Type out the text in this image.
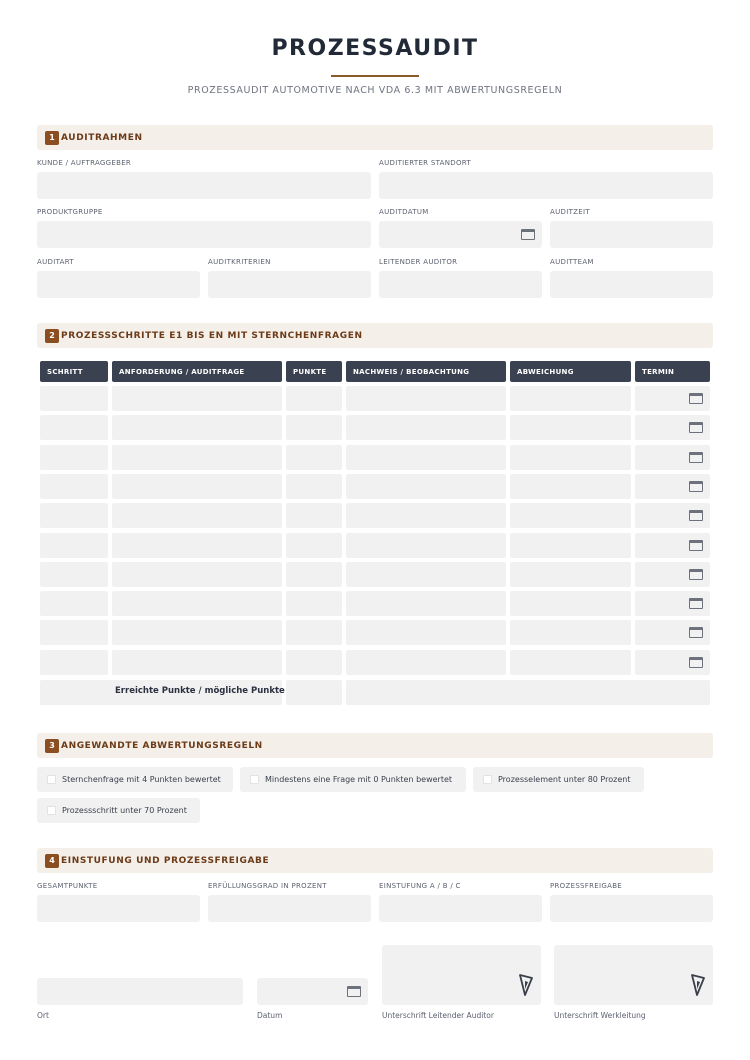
PROZESSAUDIT
PROZESSAUDIT AUTOMOTIVE NACH VDA 6.3 MIT ABWERTUNGSREGELN
1 AUDITRAHMEN
KUNDE / AUFTRAGGEBER	AUDITIERTER STANDORT
PRODUKTGRUPPE	AUDITDATUM	AUDITZEIT
AUDITART	AUDITKRITERIEN	LEITENDER AUDITOR	AUDITTEAM
2 PROZESSSCHRITTE E1 BIS EN MIT STERNCHENFRAGEN
SCHRITT	ANFORDERUNG / AUDITFRAGE	PUNKTE	NACHWEIS / BEOBACHTUNG	ABWEICHUNG	TERMIN
Erreichte Punkte / mögliche Punkte
3 ANGEWANDTE ABWERTUNGSREGELN
Sternchenfrage mit 4 Punkten bewertet	Mindestens eine Frage mit 0 Punkten bewertet	Prozesselement unter 80 Prozent
Prozessschritt unter 70 Prozent
4 EINSTUFUNG UND PROZESSFREIGABE
GESAMTPUNKTE	ERFÜLLUNGSGRAD IN PROZENT	EINSTUFUNG A / B / C	PROZESSFREIGABE
Ort	Datum	Unterschrift Leitender Auditor	Unterschrift Werkleitung
